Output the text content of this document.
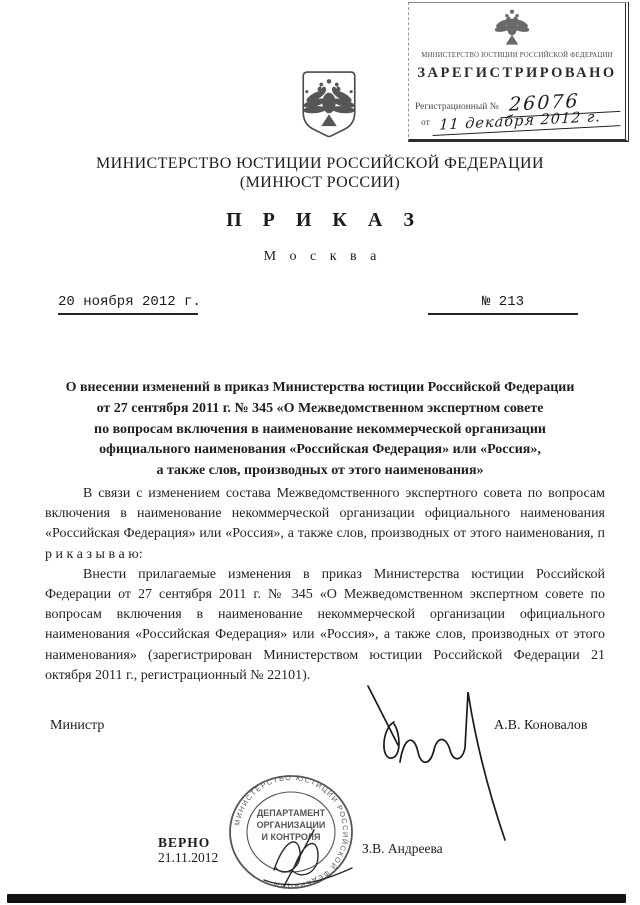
МИНИСТЕРСТВО ЮСТИЦИИ РОССИЙСКОЙ ФЕДЕРАЦИИ
ЗАРЕГИСТРИРОВАНО
Регистрационный № 26076
от 11 декабря 2012 г.
МИНИСТЕРСТВО ЮСТИЦИИ РОССИЙСКОЙ ФЕДЕРАЦИИ
(МИНЮСТ РОССИИ)
П Р И К А З
М о с к в а
20 ноября 2012 г.	№ 213
О внесении изменений в приказ Министерства юстиции Российской Федерации
от 27 сентября 2011 г. № 345 «О Межведомственном экспертном совете
по вопросам включения в наименование некоммерческой организации
официального наименования «Российская Федерация» или «Россия»,
а также слов, производных от этого наименования»

В связи с изменением состава Межведомственного экспертного совета по вопросам включения в наименование некоммерческой организации официального наименования «Российская Федерация» или «Россия», а также слов, производных от этого наименования, п р и к а з ы в а ю:

Внести прилагаемые изменения в приказ Министерства юстиции Российской Федерации от 27 сентября 2011 г. № 345 «О Межведомственном экспертном совете по вопросам включения в наименование некоммерческой организации официального наименования «Российская Федерация» или «Россия», а также слов, производных от этого наименования» (зарегистрирован Министерством юстиции Российской Федерации 21 октября 2011 г., регистрационный № 22101).

Министр	А.В. Коновалов
МИНИСТЕРСТВО ЮСТИЦИИ РОССИЙСКОЙ ФЕДЕРАЦИИ
ДЕПАРТАМЕНТ
ОРГАНИЗАЦИИ
И КОНТРОЛЯ
ВЕРНО
21.11.2012
З.В. Андреева
